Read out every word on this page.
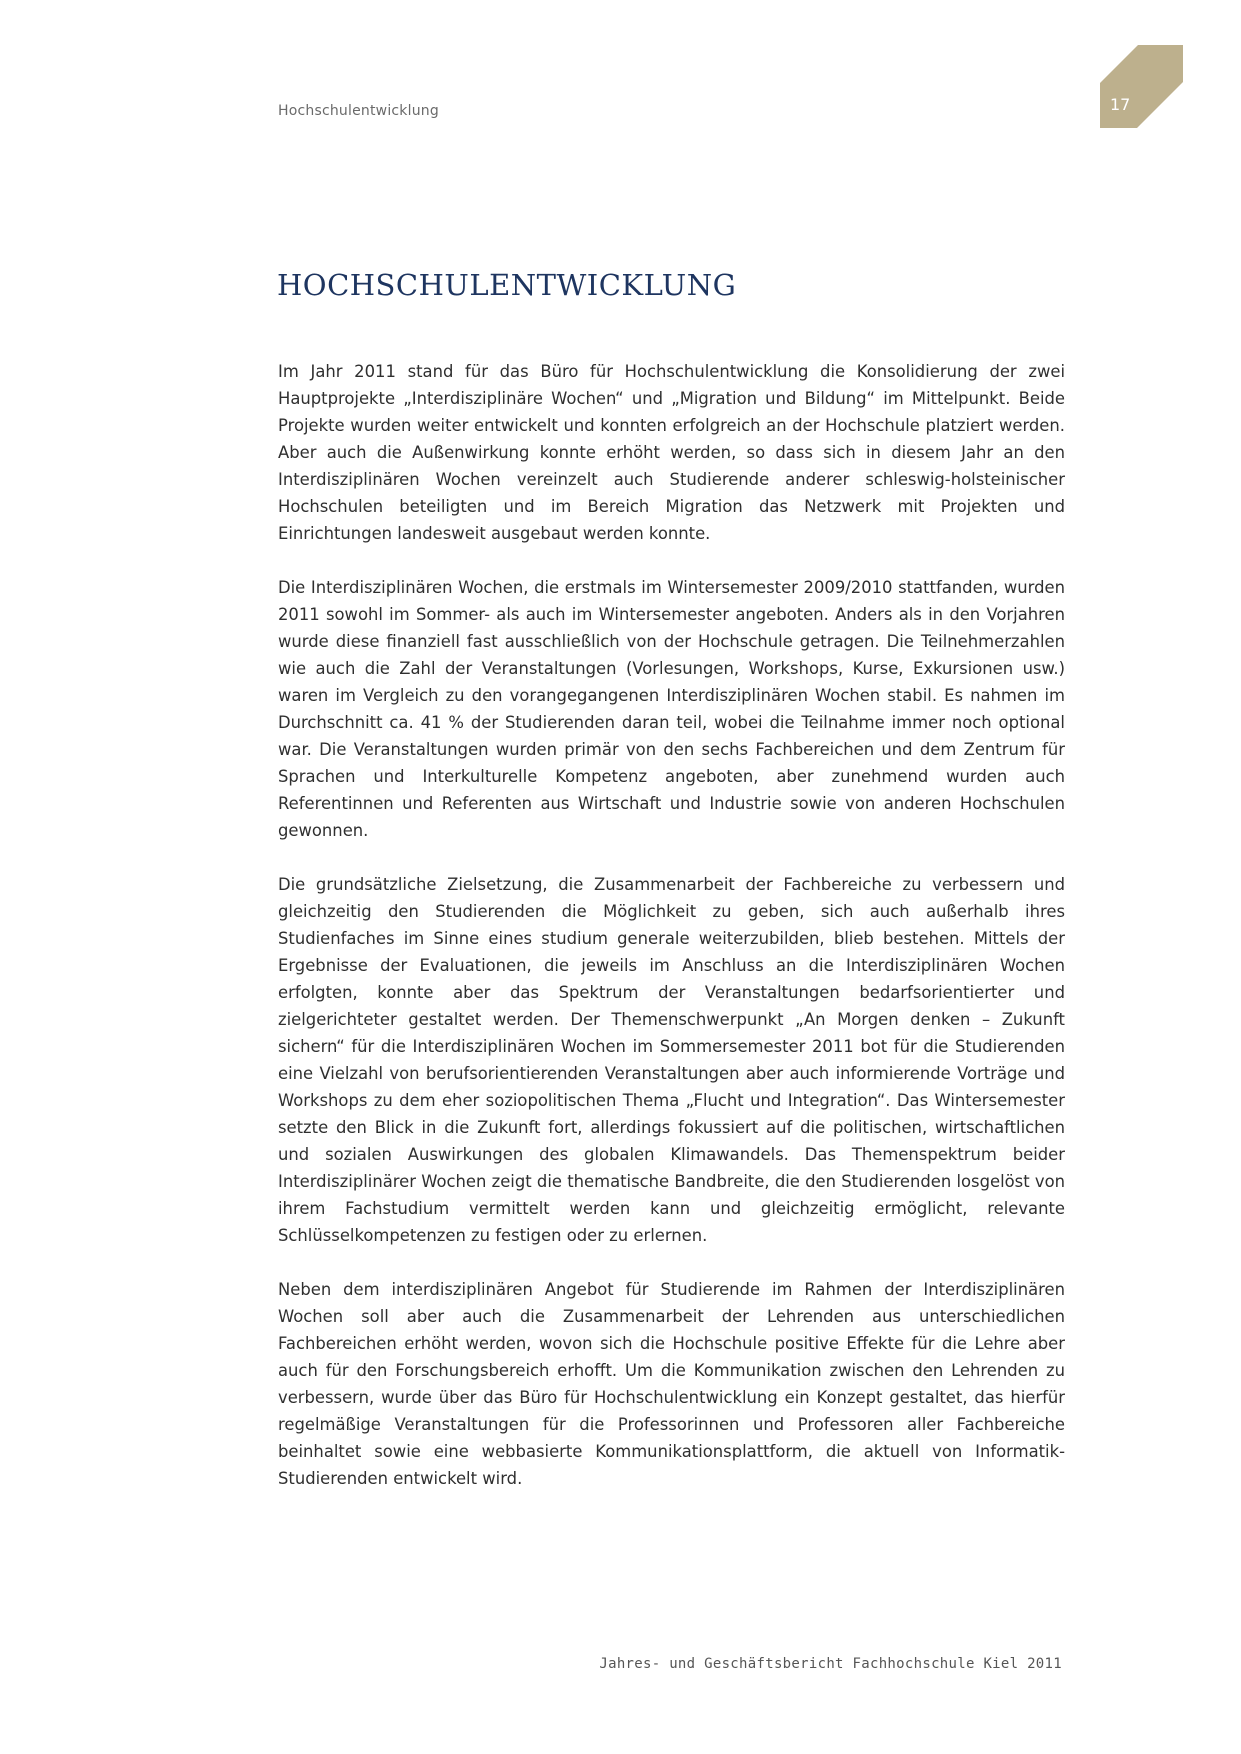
Hochschulentwicklung	17
HOCHSCHULENTWICKLUNG

Im Jahr 2011 stand für das Büro für Hochschulentwicklung die Konsolidierung der zwei Hauptprojekte „Interdisziplinäre Wochen“ und „Migration und Bildung“ im Mittelpunkt. Beide Projekte wurden weiter entwickelt und konnten erfolgreich an der Hochschule platziert werden. Aber auch die Außenwirkung konnte erhöht werden, so dass sich in diesem Jahr an den Interdisziplinären Wochen vereinzelt auch Studierende anderer schleswig-holsteinischer Hochschulen beteiligten und im Bereich Migration das Netzwerk mit Projekten und Einrichtungen landesweit ausgebaut werden konnte.

Die Interdisziplinären Wochen, die erstmals im Wintersemester 2009/2010 stattfanden, wurden 2011 sowohl im Sommer- als auch im Wintersemester angeboten. Anders als in den Vorjahren wurde diese finanziell fast ausschließlich von der Hochschule getragen. Die Teilnehmerzahlen wie auch die Zahl der Veranstaltungen (Vorlesungen, Workshops, Kurse, Exkursionen usw.) waren im Vergleich zu den vorangegangenen Interdisziplinären Wochen stabil. Es nahmen im Durchschnitt ca. 41 % der Studierenden daran teil, wobei die Teilnahme immer noch optional war. Die Veranstaltungen wurden primär von den sechs Fachbereichen und dem Zentrum für Sprachen und Interkulturelle Kompetenz angeboten, aber zunehmend wurden auch Referentinnen und Referenten aus Wirtschaft und Industrie sowie von anderen Hochschulen gewonnen.

Die grundsätzliche Zielsetzung, die Zusammenarbeit der Fachbereiche zu verbessern und gleichzeitig den Studierenden die Möglichkeit zu geben, sich auch außerhalb ihres Studienfaches im Sinne eines studium generale weiterzubilden, blieb bestehen. Mittels der Ergebnisse der Evaluationen, die jeweils im Anschluss an die Interdisziplinären Wochen erfolgten, konnte aber das Spektrum der Veranstaltungen bedarfsorientierter und zielgerichteter gestaltet werden. Der Themenschwerpunkt „An Morgen denken – Zukunft sichern“ für die Interdisziplinären Wochen im Sommersemester 2011 bot für die Studierenden eine Vielzahl von berufsorientierenden Veranstaltungen aber auch informierende Vorträge und Workshops zu dem eher soziopolitischen Thema „Flucht und Integration“. Das Wintersemester setzte den Blick in die Zukunft fort, allerdings fokussiert auf die politischen, wirtschaftlichen und sozialen Auswirkungen des globalen Klimawandels. Das Themenspektrum beider Interdisziplinärer Wochen zeigt die thematische Bandbreite, die den Studierenden losgelöst von ihrem Fachstudium vermittelt werden kann und gleichzeitig ermöglicht, relevante Schlüsselkompetenzen zu festigen oder zu erlernen.

Neben dem interdisziplinären Angebot für Studierende im Rahmen der Interdisziplinären Wochen soll aber auch die Zusammenarbeit der Lehrenden aus unterschiedlichen Fachbereichen erhöht werden, wovon sich die Hochschule positive Effekte für die Lehre aber auch für den Forschungsbereich erhofft. Um die Kommunikation zwischen den Lehrenden zu verbessern, wurde über das Büro für Hochschulentwicklung ein Konzept gestaltet, das hierfür regelmäßige Veranstaltungen für die Professorinnen und Professoren aller Fachbereiche beinhaltet sowie eine webbasierte Kommunikationsplattform, die aktuell von Informatik-Studierenden entwickelt wird.

Jahres- und Geschäftsbericht Fachhochschule Kiel 2011
